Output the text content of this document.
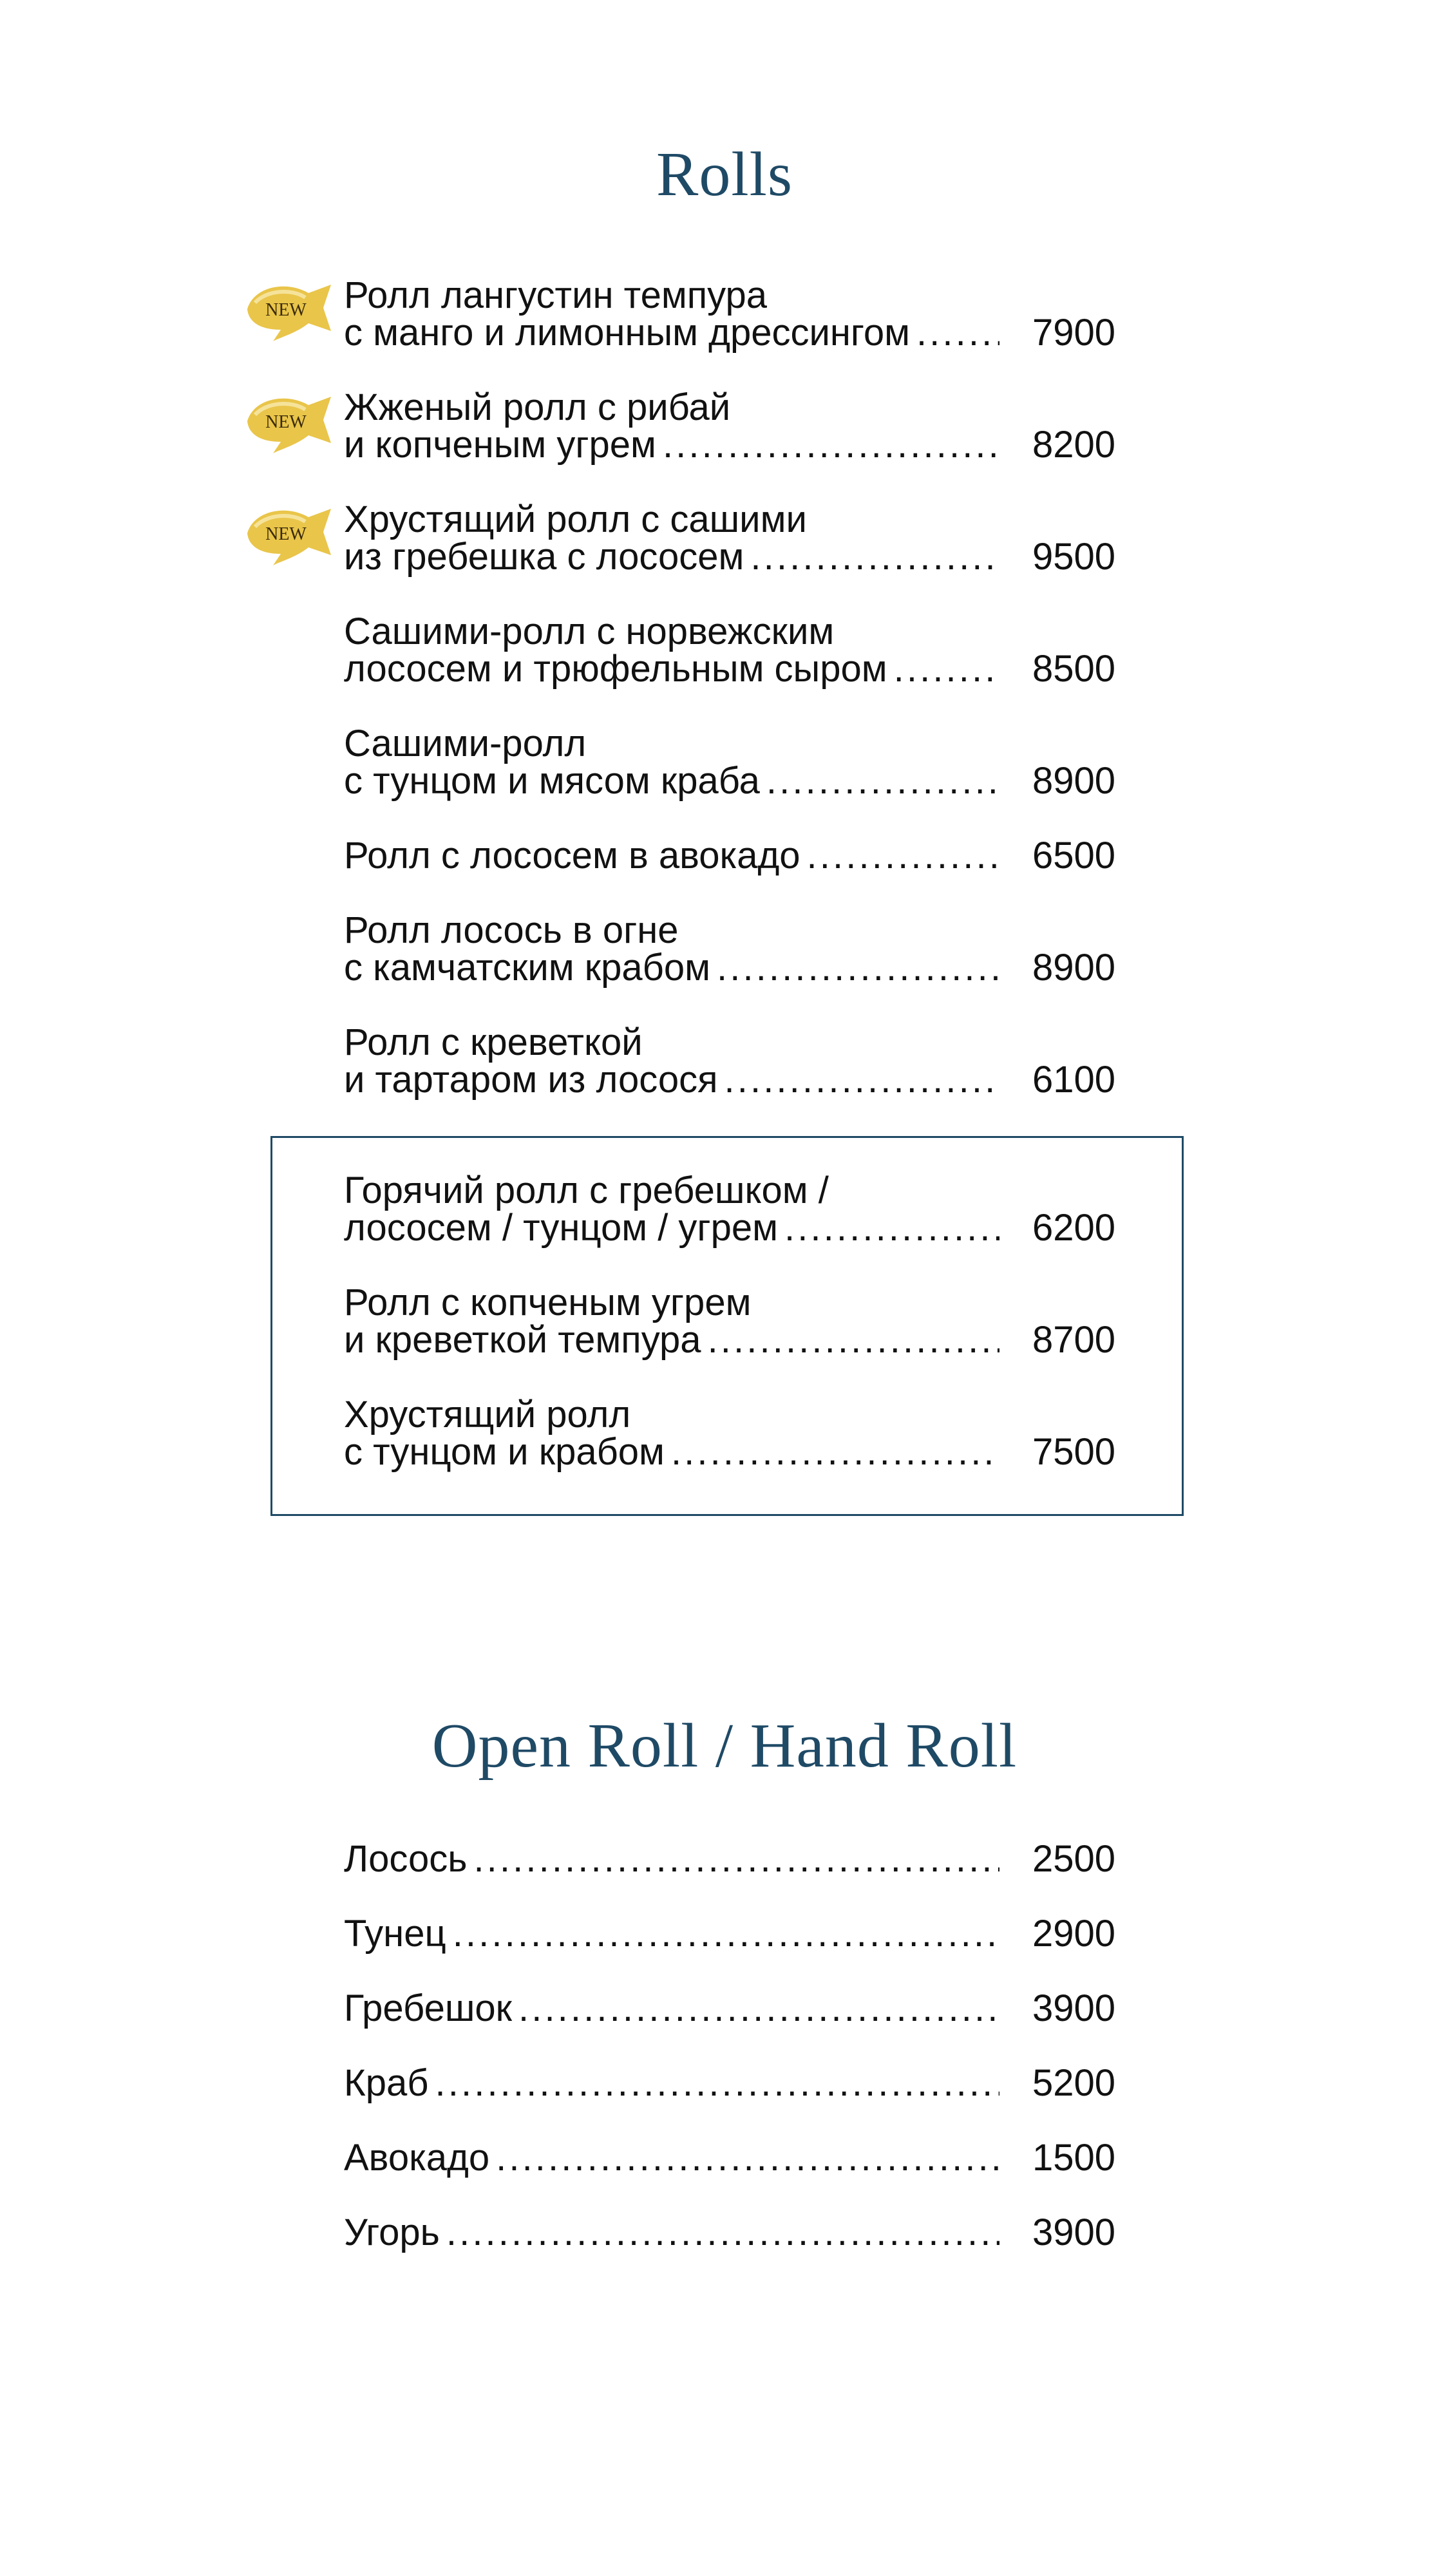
Rolls
NEW Ролл лангустин темпура
с манго и лимонным дрессингом . . .	7900
NEW Жженый ролл с рибай
и копченым угрем . . .	8200
NEW Хрустящий ролл с сашими
из гребешка с лососем . . .	9500
Сашими-ролл с норвежским
лососем и трюфельным сыром . . .	8500
Сашими-ролл
с тунцом и мясом краба . . .	8900
Ролл с лососем в авокадо . . .	6500
Ролл лосось в огне
с камчатским крабом . . .	8900
Ролл с креветкой
и тартаром из лосося . . .	6100
Горячий ролл с гребешком /
лососем / тунцом / угрем . . .	6200
Ролл с копченым угрем
и креветкой темпура . . .	8700
Хрустящий ролл
с тунцом и крабом . . .	7500
Open Roll / Hand Roll
Лосось . . .	2500
Тунец . . .	2900
Гребешок . . .	3900
Краб . . .	5200
Авокадо . . .	1500
Угорь . . .	3900
